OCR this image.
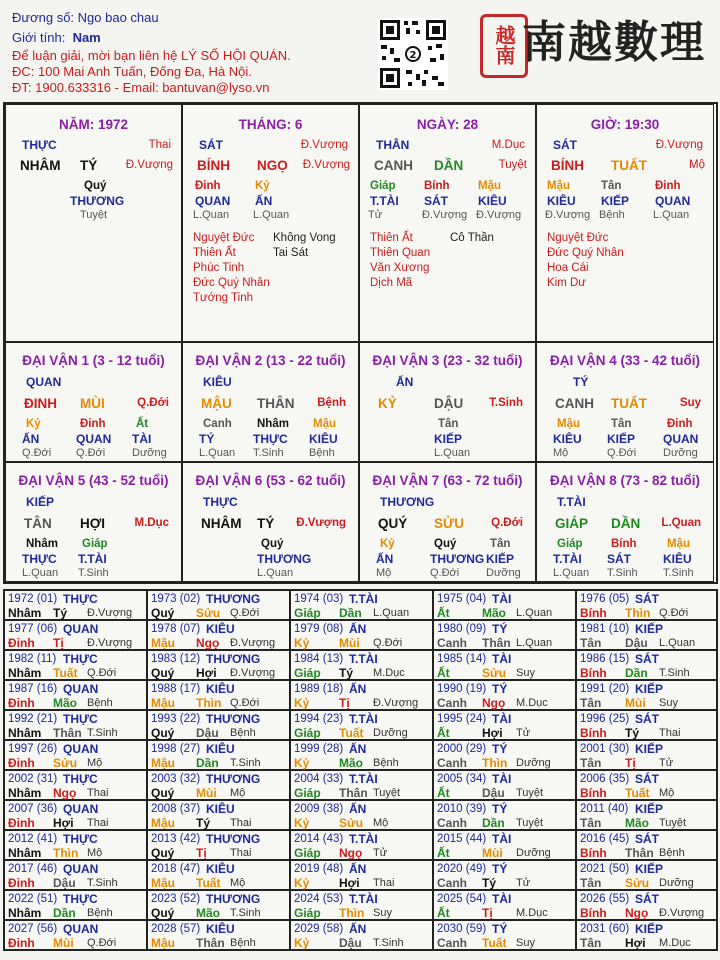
Đương số: Ngo bao chau
Giới tính: Nam
Để luận giải, mời bạn liên hệ LÝ SỐ HỘI QUÁN.
ĐC: 100 Mai Anh Tuấn, Đống Đa, Hà Nội.
ĐT: 1900.633316 - Email: bantuvan@lyso.vn
2	越南 南越數理
NĂM: 1972
THỰC	Thai
NHÂM TÝ Đ.Vượng
Quý
THƯƠNG
Tuyệt
THÁNG: 6
SÁT	Đ.Vượng
BÍNH NGỌ Đ.Vượng
Đinh
QUAN
L.Quan
Kỷ
ẤN
L.Quan
Nguyệt Đức
Thiên Ất
Phúc Tinh
Đức Quý Nhân
Tướng Tinh
Không Vong
Tai Sát
NGÀY: 28
THÂN	M.Dục
CANH DẦN	Tuyệt
Giáp
T.TÀI
Tử
Bính
SÁT
Đ.Vượng
Mậu
KIÊU
Đ.Vượng
Thiên Ất
Thiên Quan
Văn Xương
Dịch Mã
Cô Thần
GIỜ: 19:30
SÁT	Đ.Vượng
BÍNH TUẤT	Mộ
Mậu
KIÊU
Đ.Vượng
Tân
KIẾP
Bệnh
Đinh
QUAN
L.Quan
Nguyệt Đức
Đức Quý Nhân
Hoa Cái
Kim Dư
ĐẠI VẬN 1 (3 - 12 tuổi)
QUAN
ĐINH MÙI	Q.Đới
Kỷ
ẤN
Q.Đới
Đinh
QUAN
Q.Đới
Ất
TÀI
Dưỡng
ĐẠI VẬN 2 (13 - 22 tuổi)
KIÊU
MẬU THÂN Bệnh
Canh
TÝ
L.Quan
Nhâm
THỰC
T.Sinh
Mậu
KIÊU
Bệnh
ĐẠI VẬN 3 (23 - 32 tuổi)
ẤN
KỶ	DẬU T.Sinh
Tân
KIẾP
L.Quan
ĐẠI VẬN 4 (33 - 42 tuổi)
TÝ
CANH TUẤT	Suy
Mậu
KIÊU
Mộ
Tân
KIẾP
Q.Đới
Đinh
QUAN
Dưỡng
ĐẠI VẬN 5 (43 - 52 tuổi)
KIẾP
TÂN HỢI	M.Dục
Nhâm
THỰC
L.Quan
Giáp
T.TÀI
T.Sinh
ĐẠI VẬN 6 (53 - 62 tuổi)
THỰC
NHÂM TÝ Đ.Vượng
Quý
THƯƠNG
L.Quan
ĐẠI VẬN 7 (63 - 72 tuổi)
THƯƠNG
QUÝ SỬU Q.Đới
Kỷ
ẤN
Mộ
Quý
THƯƠNG
Q.Đới
Tân
KIẾP
Dưỡng
ĐẠI VẬN 8 (73 - 82 tuổi)
T.TÀI
GIÁP DẦN L.Quan
Giáp
T.TÀI
L.Quan
Bính
SÁT
T.Sinh
Mậu
KIÊU
T.Sinh
1972 (01) THỰC
Nhâm Tý Đ.Vượng
1973 (02) THƯƠNG
Quý Sửu Q.Đới
1974 (03) T.TÀI
Giáp Dần L.Quan
1975 (04) TÀI
Ất	Mão L.Quan
1976 (05) SÁT
Bính Thìn Q.Đới
1977 (06) QUAN
Đinh Tị Đ.Vượng
1978 (07) KIÊU
Mậu Ngọ Đ.Vượng
1979 (08) ẤN
Kỷ Mùi Q.Đới
1980 (09) TÝ
Canh Thân L.Quan
1981 (10) KIẾP
Tân Dậu L.Quan
1982 (11) THỰC
Nhâm Tuất Q.Đới
1983 (12) THƯƠNG
Quý Hợi Đ.Vượng
1984 (13) T.TÀI
Giáp Tý M.Dục
1985 (14) TÀI
Ất	Sửu Suy
1986 (15) SÁT
Bính Dần T.Sinh
1987 (16) QUAN
Đinh Mão Bệnh
1988 (17) KIÊU
Mậu Thìn Q.Đới
1989 (18) ẤN
Kỷ Tị Đ.Vượng
1990 (19) TÝ
Canh Ngọ M.Dục
1991 (20) KIẾP
Tân Mùi Suy
1992 (21) THỰC
Nhâm Thân T.Sinh
1993 (22) THƯƠNG
Quý Dậu Bệnh
1994 (23) T.TÀI
Giáp Tuất Dưỡng
1995 (24) TÀI
Ất	Hợi Tử
1996 (25) SÁT
Bính Tý Thai
1997 (26) QUAN
Đinh Sửu Mộ
1998 (27) KIÊU
Mậu Dần T.Sinh
1999 (28) ẤN
Kỷ Mão Bệnh
2000 (29) TÝ
Canh Thìn Dưỡng
2001 (30) KIẾP
Tân Tị Tử
2002 (31) THỰC
Nhâm Ngọ Thai
2003 (32) THƯƠNG
Quý Mùi Mộ
2004 (33) T.TÀI
Giáp Thân Tuyệt
2005 (34) TÀI
Ất	Dậu Tuyệt
2006 (35) SÁT
Bính Tuất Mộ
2007 (36) QUAN
Đinh Hợi Thai
2008 (37) KIÊU
Mậu Tý Thai
2009 (38) ẤN
Kỷ Sửu Mộ
2010 (39) TÝ
Canh Dần Tuyệt
2011 (40) KIẾP
Tân Mão Tuyệt
2012 (41) THỰC
Nhâm Thìn Mộ
2013 (42) THƯƠNG
Quý Tị Thai
2014 (43) T.TÀI
Giáp Ngọ Tử
2015 (44) TÀI
Ất	Mùi Dưỡng
2016 (45) SÁT
Bính Thân Bệnh
2017 (46) QUAN
Đinh Dậu T.Sinh
2018 (47) KIÊU
Mậu Tuất Mộ
2019 (48) ẤN
Kỷ Hợi Thai
2020 (49) TÝ
Canh Tý Tử
2021 (50) KIẾP
Tân Sửu Dưỡng
2022 (51) THỰC
Nhâm Dần Bệnh
2023 (52) THƯƠNG
Quý Mão T.Sinh
2024 (53) T.TÀI
Giáp Thìn Suy
2025 (54) TÀI
Ất	Tị M.Dục
2026 (55) SÁT
Bính Ngọ Đ.Vượng
2027 (56) QUAN
Đinh Mùi Q.Đới
2028 (57) KIÊU
Mậu Thân Bệnh
2029 (58) ẤN
Kỷ Dậu T.Sinh
2030 (59) TÝ
Canh Tuất Suy
2031 (60) KIẾP
Tân Hợi M.Dục
